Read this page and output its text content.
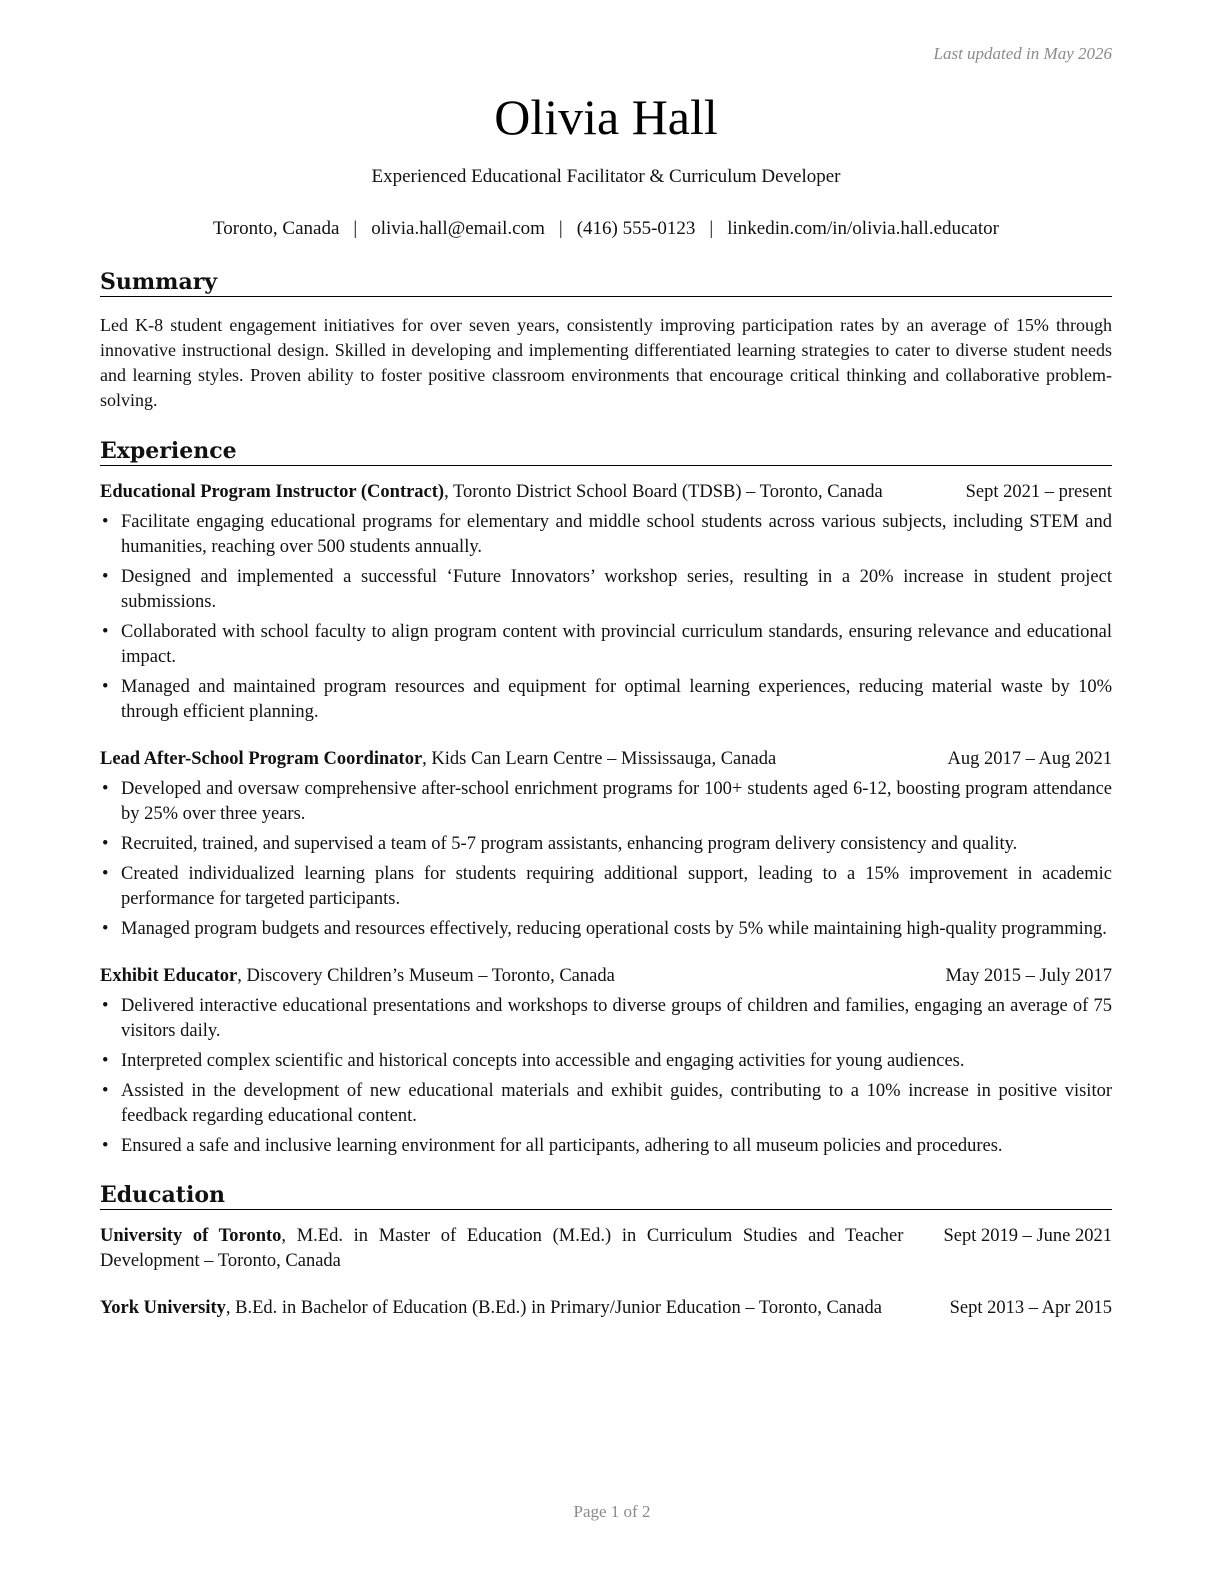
Last updated in May 2026
Olivia Hall
Experienced Educational Facilitator & Curriculum Developer
Toronto, Canada | olivia.hall@email.com | (416) 555-0123 | linkedin.com/in/olivia.hall.educator
Summary
Led K-8 student engagement initiatives for over seven years, consistently improving participation rates by an average of 15% through innovative instructional design. Skilled in developing and implementing differentiated learning strategies to cater to diverse student needs and learning styles. Proven ability to foster positive classroom environments that encourage critical thinking and collaborative problem-solving.
Experience
Educational Program Instructor (Contract), Toronto District School Board (TDSB) – Toronto, Canada	Sept 2021 – present
• Facilitate engaging educational programs for elementary and middle school students across various subjects, including STEM and humanities, reaching over 500 students annually.
• Designed and implemented a successful ‘Future Innovators’ workshop series, resulting in a 20% increase in student project submissions.
• Collaborated with school faculty to align program content with provincial curriculum standards, ensuring relevance and educational impact.
• Managed and maintained program resources and equipment for optimal learning experiences, reducing material waste by 10% through efficient planning.
Lead After-School Program Coordinator, Kids Can Learn Centre – Mississauga, Canada	Aug 2017 – Aug 2021
• Developed and oversaw comprehensive after-school enrichment programs for 100+ students aged 6-12, boosting program attendance by 25% over three years.
• Recruited, trained, and supervised a team of 5-7 program assistants, enhancing program delivery consistency and quality.
• Created individualized learning plans for students requiring additional support, leading to a 15% improvement in academic performance for targeted participants.
• Managed program budgets and resources effectively, reducing operational costs by 5% while maintaining high-quality programming.
Exhibit Educator, Discovery Children’s Museum – Toronto, Canada	May 2015 – July 2017
• Delivered interactive educational presentations and workshops to diverse groups of children and families, engaging an average of 75 visitors daily.
• Interpreted complex scientific and historical concepts into accessible and engaging activities for young audiences.
• Assisted in the development of new educational materials and exhibit guides, contributing to a 10% increase in positive visitor feedback regarding educational content.
• Ensured a safe and inclusive learning environment for all participants, adhering to all museum policies and procedures.
Education
University of Toronto, M.Ed. in Master of Education (M.Ed.) in Curriculum Studies and Teacher Development – Toronto, Canada
Sept 2019 – June 2021
York University, B.Ed. in Bachelor of Education (B.Ed.) in Primary/Junior Education – Toronto, Canada	Sept 2013 – Apr 2015
Page 1 of 2
